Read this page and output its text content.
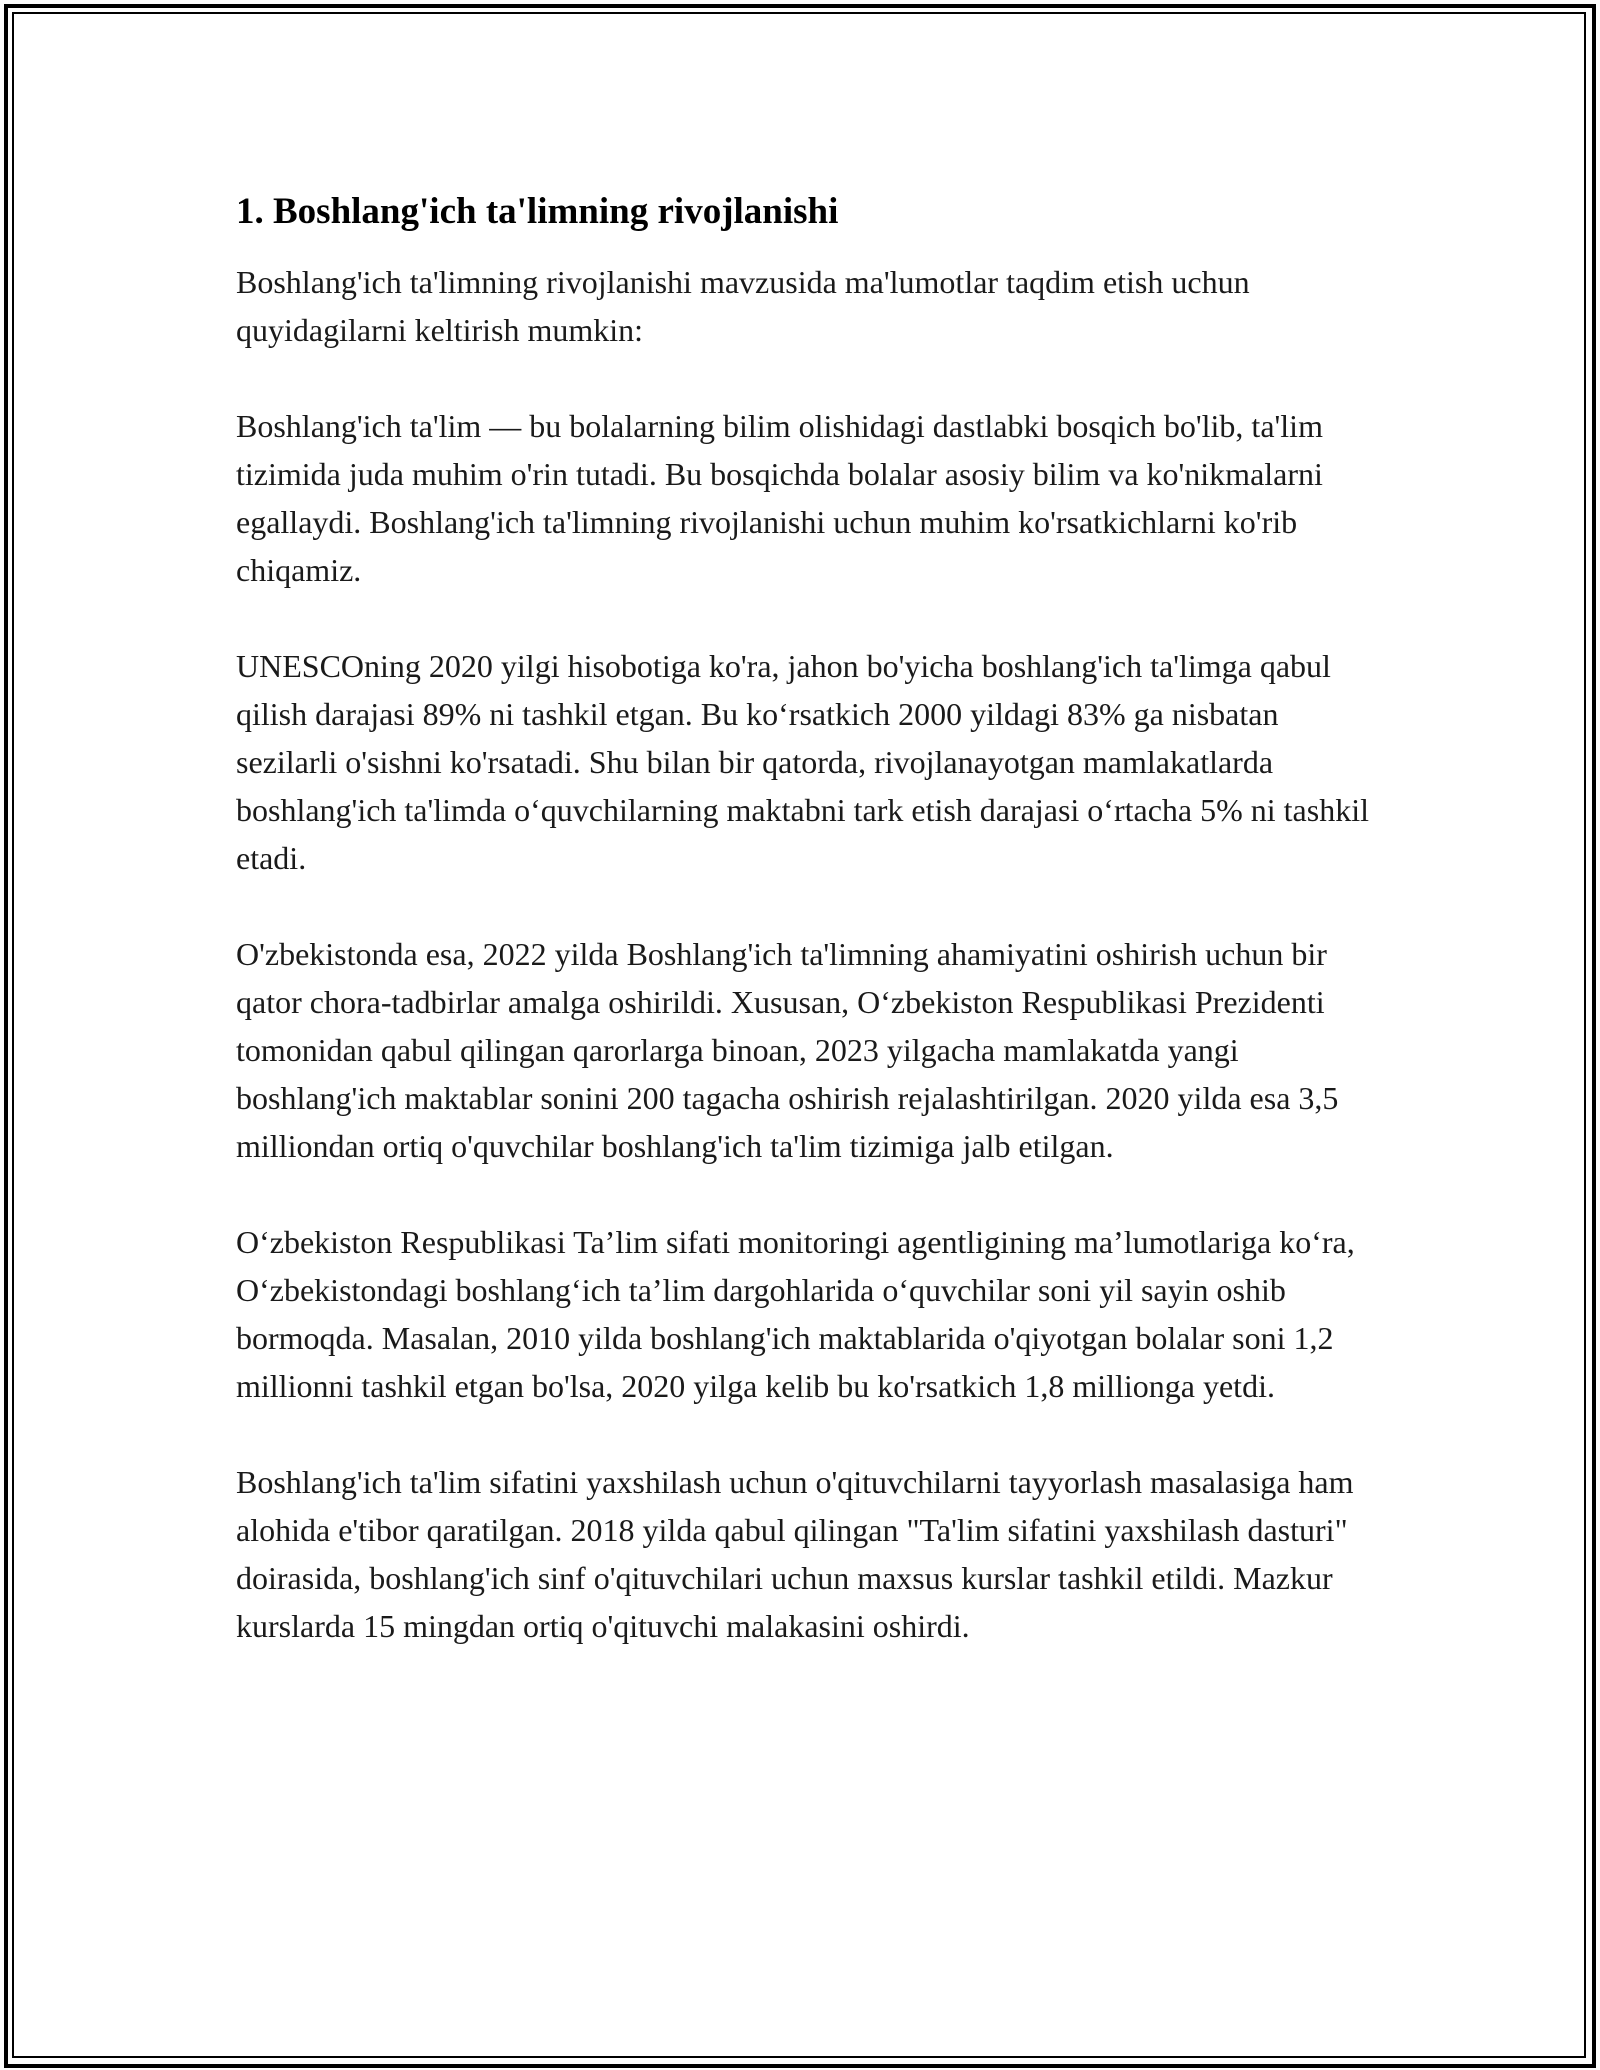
1. Boshlang'ich ta'limning rivojlanishi

Boshlang'ich ta'limning rivojlanishi mavzusida ma'lumotlar taqdim etish uchun quyidagilarni keltirish mumkin:

Boshlang'ich ta'lim — bu bolalarning bilim olishidagi dastlabki bosqich bo'lib, ta'lim tizimida juda muhim o'rin tutadi. Bu bosqichda bolalar asosiy bilim va ko'nikmalarni egallaydi. Boshlang'ich ta'limning rivojlanishi uchun muhim ko'rsatkichlarni ko'rib chiqamiz.

UNESCOning 2020 yilgi hisobotiga ko'ra, jahon bo'yicha boshlang'ich ta'limga qabul qilish darajasi 89% ni tashkil etgan. Bu ko‘rsatkich 2000 yildagi 83% ga nisbatan sezilarli o'sishni ko'rsatadi. Shu bilan bir qatorda, rivojlanayotgan mamlakatlarda boshlang'ich ta'limda o‘quvchilarning maktabni tark etish darajasi o‘rtacha 5% ni tashkil etadi.

O'zbekistonda esa, 2022 yilda Boshlang'ich ta'limning ahamiyatini oshirish uchun bir qator chora-tadbirlar amalga oshirildi. Xususan, O‘zbekiston Respublikasi Prezidenti tomonidan qabul qilingan qarorlarga binoan, 2023 yilgacha mamlakatda yangi boshlang'ich maktablar sonini 200 tagacha oshirish rejalashtirilgan. 2020 yilda esa 3,5 milliondan ortiq o'quvchilar boshlang'ich ta'lim tizimiga jalb etilgan.

O‘zbekiston Respublikasi Ta’lim sifati monitoringi agentligining ma’lumotlariga ko‘ra, O‘zbekistondagi boshlang‘ich ta’lim dargohlarida o‘quvchilar soni yil sayin oshib bormoqda. Masalan, 2010 yilda boshlang'ich maktablarida o'qiyotgan bolalar soni 1,2 millionni tashkil etgan bo'lsa, 2020 yilga kelib bu ko'rsatkich 1,8 millionga yetdi.

Boshlang'ich ta'lim sifatini yaxshilash uchun o'qituvchilarni tayyorlash masalasiga ham alohida e'tibor qaratilgan. 2018 yilda qabul qilingan "Ta'lim sifatini yaxshilash dasturi" doirasida, boshlang'ich sinf o'qituvchilari uchun maxsus kurslar tashkil etildi. Mazkur kurslarda 15 mingdan ortiq o'qituvchi malakasini oshirdi.
